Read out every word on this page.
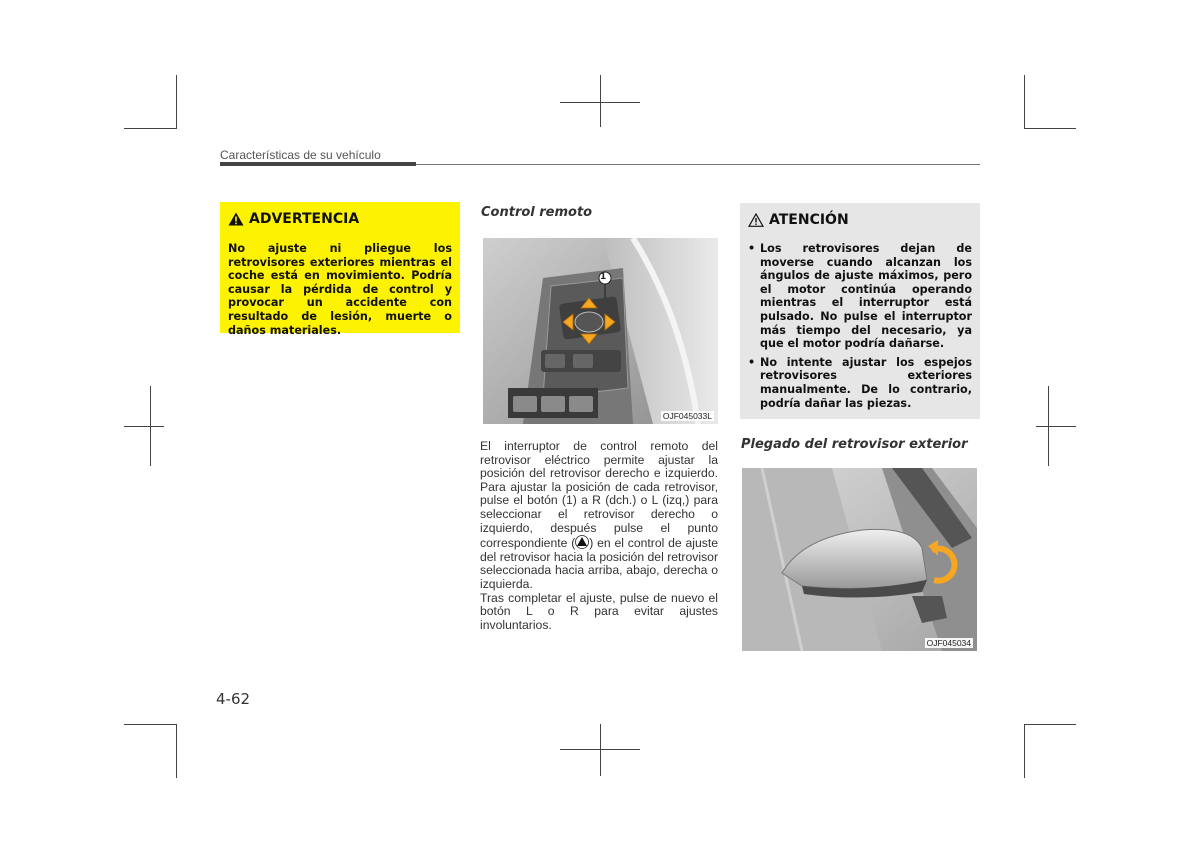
Características de su vehículo
ADVERTENCIA
No ajuste ni pliegue los retrovisores exteriores mientras el coche está en movimiento. Podría causar la pérdida de control y provocar un accidente con resultado de lesión, muerte o daños materiales.
Control remoto
1
OJF045033L

El interruptor de control remoto del retrovisor eléctrico permite ajustar la posición del retrovisor derecho e izquierdo. Para ajustar la posición de cada retrovisor, pulse el botón (1) a R (dch.) o L (izq,) para seleccionar el retrovisor derecho o izquierdo, después pulse el punto correspondiente ( ) en el control de ajuste del retrovisor hacia la posición del retrovisor seleccionada hacia arriba, abajo, derecha o izquierda.

Tras completar el ajuste, pulse de nuevo el botón L o R para evitar ajustes involuntarios.

ATENCIÓN
• Los retrovisores dejan de moverse cuando alcanzan los ángulos de ajuste máximos, pero el motor continúa operando mientras el interruptor está pulsado. No pulse el interruptor más tiempo del necesario, ya que el motor podría dañarse.
• No intente ajustar los espejos retrovisores exteriores manualmente. De lo contrario, podría dañar las piezas.
Plegado del retrovisor exterior
OJF045034
4-62
